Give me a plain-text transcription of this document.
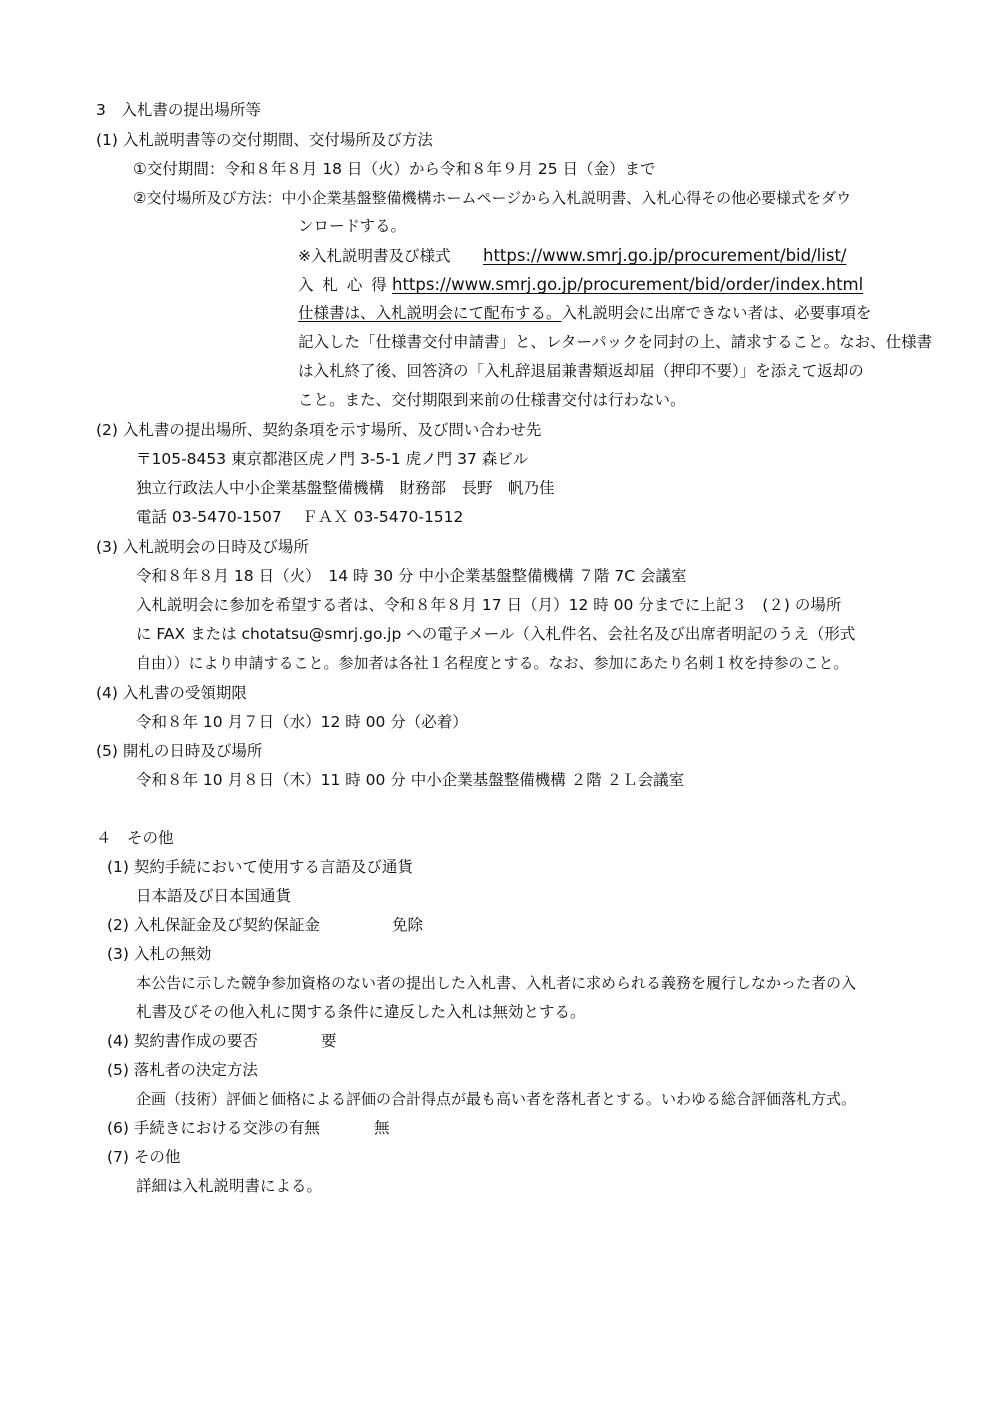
3　入札書の提出場所等
(1) 入札説明書等の交付期間、交付場所及び方法
①交付期間：令和８年８月 18 日（火）から令和８年９月 25 日（金）まで
②交付場所及び方法：中小企業基盤整備機構ホームページから入札説明書、入札心得その他必要様式をダウ
ンロードする。
※入札説明書及び様式 https://www.smrj.go.jp/procurement/bid/list/
入 札 心 得 https://www.smrj.go.jp/procurement/bid/order/index.html
仕様書は、入札説明会にて配布する。入札説明会に出席できない者は、必要事項を
記入した「仕様書交付申請書」と、レターパックを同封の上、請求すること。なお、仕様書
は入札終了後、回答済の「入札辞退届兼書類返却届（押印不要）」を添えて返却の
こと。また、交付期限到来前の仕様書交付は行わない。
(2) 入札書の提出場所、契約条項を示す場所、及び問い合わせ先
〒105-8453 東京都港区虎ノ門 3-5-1 虎ノ門 37 森ビル
独立行政法人中小企業基盤整備機構　財務部　長野　帆乃佳
電話 03-5470-1507　 ＦＡＸ 03-5470-1512
(3) 入札説明会の日時及び場所
令和８年８月 18 日（火）　14 時 30 分 中小企業基盤整備機構 ７階 7C 会議室
入札説明会に参加を希望する者は、令和８年８月 17 日（月）12 時 00 分までに上記３　(２) の場所
に FAX または chotatsu@smrj.go.jp への電子メール（入札件名、会社名及び出席者明記のうえ（形式
自由））により申請すること。参加者は各社１名程度とする。なお、参加にあたり名刺１枚を持参のこと。
(4) 入札書の受領期限
令和８年 10 月７日（水）12 時 00 分（必着）
(5) 開札の日時及び場所
令和８年 10 月８日（木）11 時 00 分 中小企業基盤整備機構 ２階 ２Ｌ会議室
４　その他
(1) 契約手続において使用する言語及び通貨
日本語及び日本国通貨
(2) 入札保証金及び契約保証金	免除
(3) 入札の無効
本公告に示した競争参加資格のない者の提出した入札書、入札者に求められる義務を履行しなかった者の入
札書及びその他入札に関する条件に違反した入札は無効とする。
(4) 契約書作成の要否	要
(5) 落札者の決定方法
企画（技術）評価と価格による評価の合計得点が最も高い者を落札者とする。いわゆる総合評価落札方式。
(6) 手続きにおける交渉の有無	無
(7) その他
詳細は入札説明書による。
